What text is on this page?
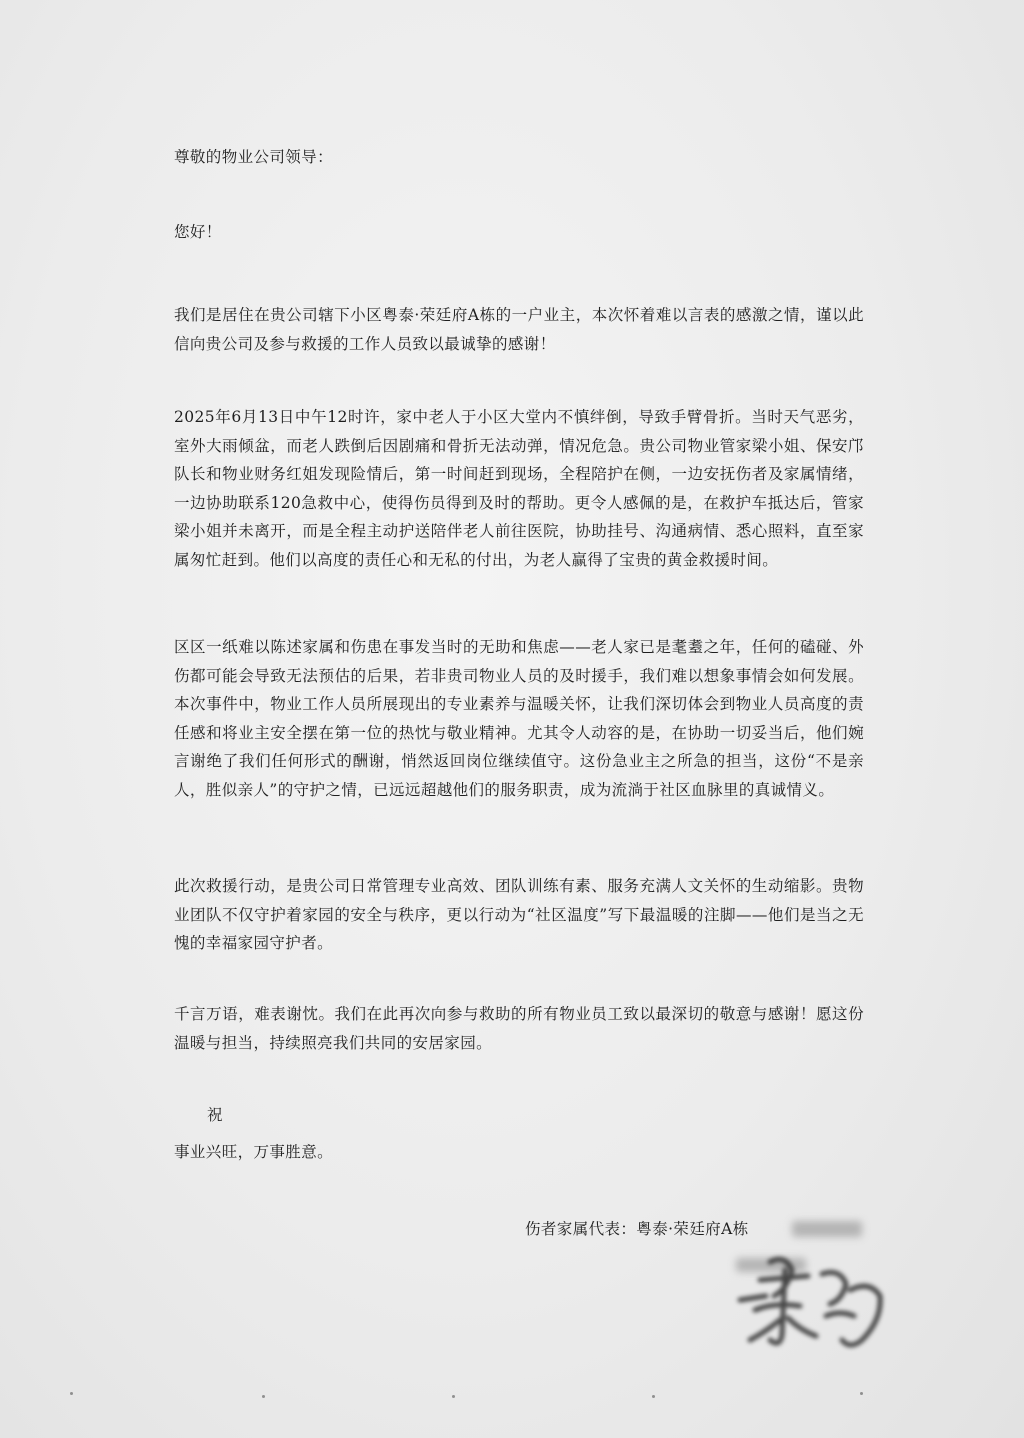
尊敬的物业公司领导：

您好！

我们是居住在贵公司辖下小区粤泰·荣廷府A栋的一户业主，本次怀着难以言表的感激之情，谨以此信向贵公司及参与救援的工作人员致以最诚挚的感谢！

2025年6月13日中午12时许，家中老人于小区大堂内不慎绊倒，导致手臂骨折。当时天气恶劣，室外大雨倾盆，而老人跌倒后因剧痛和骨折无法动弹，情况危急。贵公司物业管家梁小姐、保安邝队长和物业财务红姐发现险情后，第一时间赶到现场，全程陪护在侧，一边安抚伤者及家属情绪，一边协助联系120急救中心，使得伤员得到及时的帮助。更令人感佩的是，在救护车抵达后，管家梁小姐并未离开，而是全程主动护送陪伴老人前往医院，协助挂号、沟通病情、悉心照料，直至家属匆忙赶到。他们以高度的责任心和无私的付出，为老人赢得了宝贵的黄金救援时间。

区区一纸难以陈述家属和伤患在事发当时的无助和焦虑——老人家已是耄耋之年，任何的磕碰、外伤都可能会导致无法预估的后果，若非贵司物业人员的及时援手，我们难以想象事情会如何发展。本次事件中，物业工作人员所展现出的专业素养与温暖关怀，让我们深切体会到物业人员高度的责任感和将业主安全摆在第一位的热忱与敬业精神。尤其令人动容的是，在协助一切妥当后，他们婉言谢绝了我们任何形式的酬谢，悄然返回岗位继续值守。这份急业主之所急的担当，这份“不是亲人，胜似亲人”的守护之情，已远远超越他们的服务职责，成为流淌于社区血脉里的真诚情义。

此次救援行动，是贵公司日常管理专业高效、团队训练有素、服务充满人文关怀的生动缩影。贵物业团队不仅守护着家园的安全与秩序，更以行动为“社区温度”写下最温暖的注脚——他们是当之无愧的幸福家园守护者。

千言万语，难表谢忱。我们在此再次向参与救助的所有物业员工致以最深切的敬意与感谢！愿这份温暖与担当，持续照亮我们共同的安居家园。

祝

事业兴旺，万事胜意。

伤者家属代表：粤泰·荣廷府A栋
